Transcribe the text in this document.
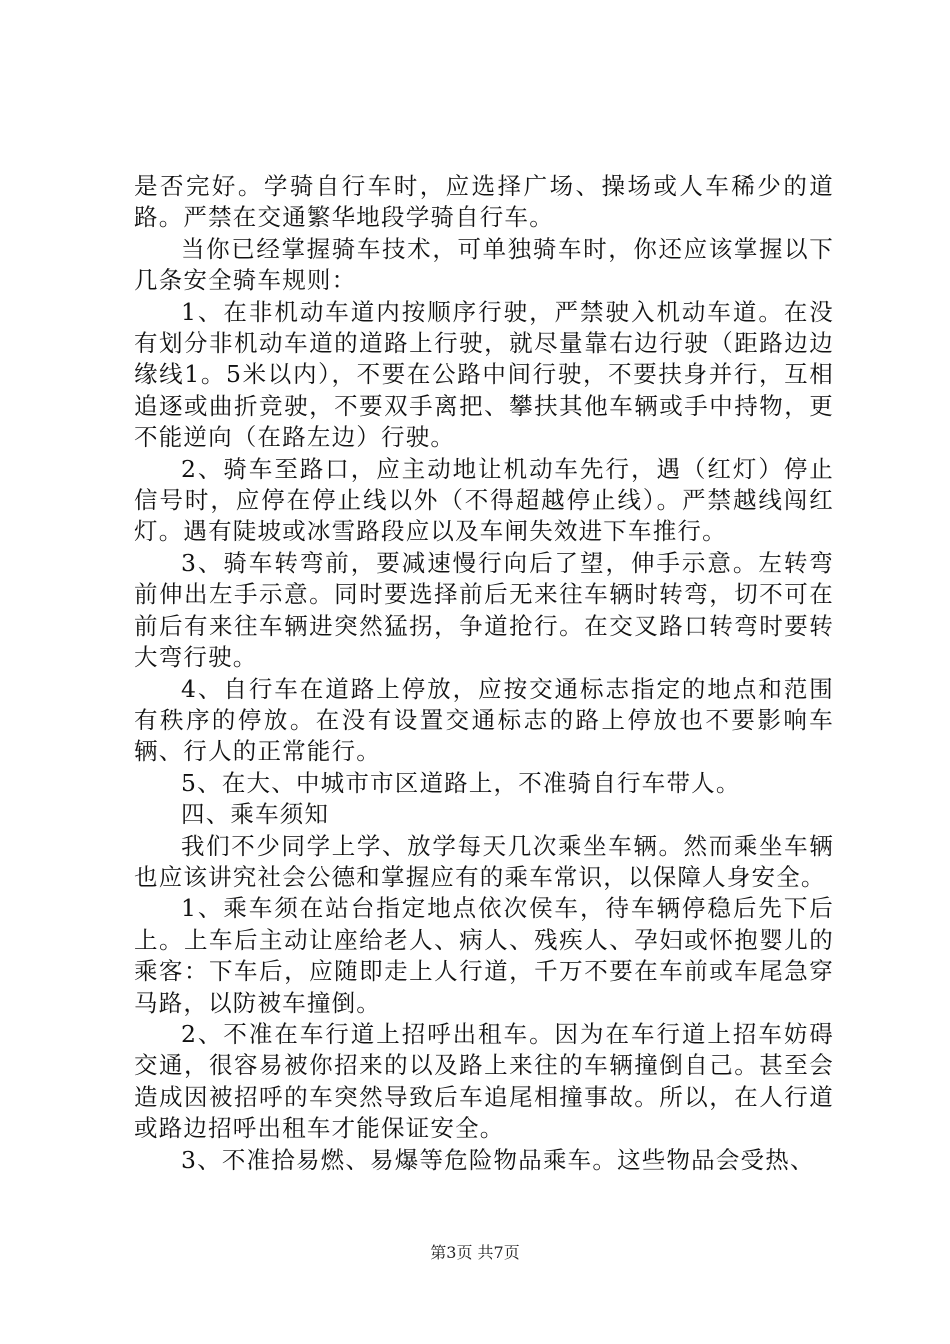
是否完好。学骑自行车时，应选择广场、操场或人车稀少的道路。严禁在交通繁华地段学骑自行车。

当你已经掌握骑车技术，可单独骑车时，你还应该掌握以下几条安全骑车规则：

1、在非机动车道内按顺序行驶，严禁驶入机动车道。在没有划分非机动车道的道路上行驶，就尽量靠右边行驶（距路边边缘线1。5米以内），不要在公路中间行驶，不要扶身并行，互相追逐或曲折竞驶，不要双手离把、攀扶其他车辆或手中持物，更不能逆向（在路左边）行驶。

2、骑车至路口，应主动地让机动车先行，遇（红灯）停止信号时，应停在停止线以外（不得超越停止线）。严禁越线闯红灯。遇有陡坡或冰雪路段应以及车闸失效进下车推行。

3、骑车转弯前，要减速慢行向后了望，伸手示意。左转弯前伸出左手示意。同时要选择前后无来往车辆时转弯，切不可在前后有来往车辆进突然猛拐，争道抢行。在交叉路口转弯时要转大弯行驶。

4、自行车在道路上停放，应按交通标志指定的地点和范围有秩序的停放。在没有设置交通标志的路上停放也不要影响车辆、行人的正常能行。

5、在大、中城市市区道路上，不准骑自行车带人。

四、乘车须知

我们不少同学上学、放学每天几次乘坐车辆。然而乘坐车辆也应该讲究社会公德和掌握应有的乘车常识，以保障人身安全。

1、乘车须在站台指定地点依次侯车，待车辆停稳后先下后上。上车后主动让座给老人、病人、残疾人、孕妇或怀抱婴儿的乘客：下车后，应随即走上人行道，千万不要在车前或车尾急穿马路，以防被车撞倒。

2、不准在车行道上招呼出租车。因为在车行道上招车妨碍交通，很容易被你招来的以及路上来往的车辆撞倒自己。甚至会造成因被招呼的车突然导致后车追尾相撞事故。所以，在人行道或路边招呼出租车才能保证安全。

3、不准拾易燃、易爆等危险物品乘车。这些物品会受热、

第3页 共7页
